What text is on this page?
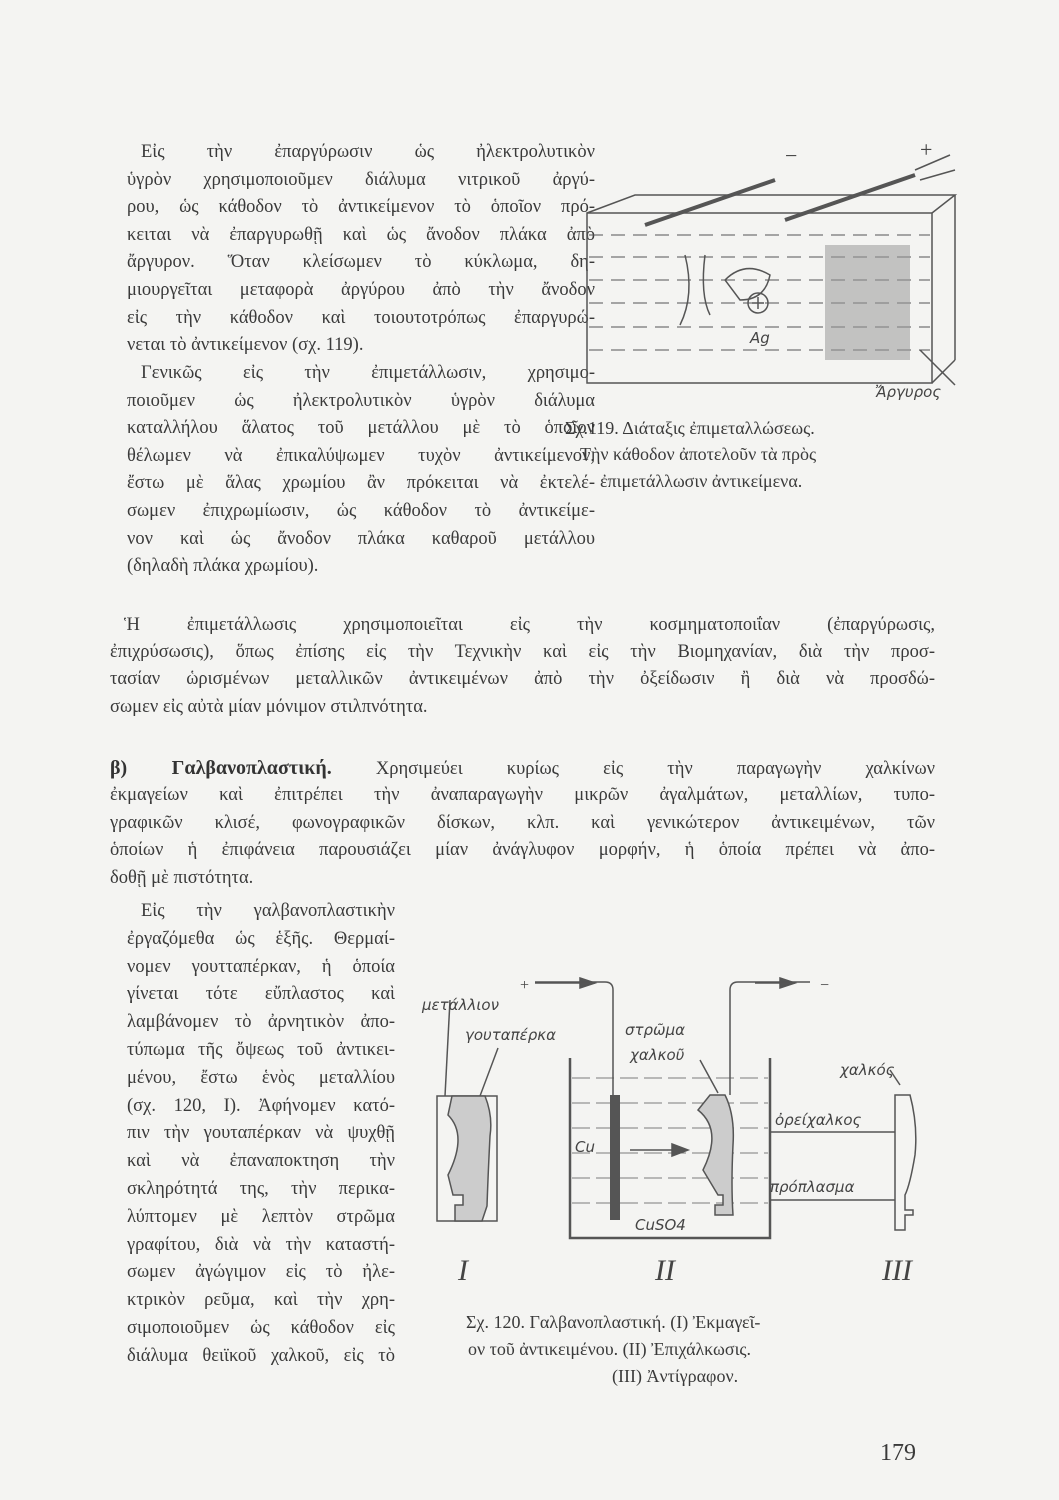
Εἰς τὴν ἐπαργύρωσιν ὡς ἠλεκτρολυτικὸν
ὑγρὸν χρησιμοποιοῦμεν διάλυμα νιτρικοῦ ἀργύ-
ρου, ὡς κάθοδον τὸ ἀντικείμενον τὸ ὁποῖον πρό-
κειται νὰ ἐπαργυρωθῇ καὶ ὡς ἄνοδον πλάκα ἀπὸ
ἄργυρον. Ὅταν κλείσωμεν τὸ κύκλωμα, δη-
μιουργεῖται μεταφορὰ ἀργύρου ἀπὸ τὴν ἄνοδον
εἰς τὴν κάθοδον καὶ τοιουτοτρόπως ἐπαργυρώ-
νεται τὸ ἀντικείμενον (σχ. 119).
Γενικῶς εἰς τὴν ἐπιμετάλλωσιν, χρησιμο-
ποιοῦμεν ὡς ἠλεκτρολυτικὸν ὑγρὸν διάλυμα
καταλλήλου ἅλατος τοῦ μετάλλου μὲ τὸ ὁποῖον
θέλωμεν νὰ ἐπικαλύψωμεν τυχὸν ἀντικείμενον,
ἔστω μὲ ἅλας χρωμίου ἂν πρόκειται νὰ ἐκτελέ-
σωμεν ἐπιχρωμίωσιν, ὡς κάθοδον τὸ ἀντικείμε-
νον καὶ ὡς ἄνοδον πλάκα καθαροῦ μετάλλου
(δηλαδὴ πλάκα χρωμίου).
Ἡ ἐπιμετάλλωσις χρησιμοποιεῖται εἰς τὴν κοσμηματοποιΐαν (ἐπαργύρωσις,
ἐπιχρύσωσις), ὅπως ἐπίσης εἰς τὴν Τεχνικὴν καὶ εἰς τὴν Βιομηχανίαν, διὰ τὴν προσ-
τασίαν ὡρισμένων μεταλλικῶν ἀντικειμένων ἀπὸ τὴν ὀξείδωσιν ἢ διὰ νὰ προσδώ-
σωμεν εἰς αὐτὰ μίαν μόνιμον στιλπνότητα.
β) Γαλβανοπλαστική. Χρησιμεύει κυρίως εἰς τὴν παραγωγὴν χαλκίνων
ἐκμαγείων καὶ ἐπιτρέπει τὴν ἀναπαραγωγὴν μικρῶν ἀγαλμάτων, μεταλλίων, τυπο-
γραφικῶν κλισέ, φωνογραφικῶν δίσκων, κλπ. καὶ γενικώτερον ἀντικειμένων, τῶν
ὁποίων ἡ ἐπιφάνεια παρουσιάζει μίαν ἀνάγλυφον μορφήν, ἡ ὁποία πρέπει νὰ ἀπο-
δοθῇ μὲ πιστότητα.
Εἰς τὴν γαλβανοπλαστικὴν
ἐργαζόμεθα ὡς ἑξῆς. Θερμαί-
νομεν γουτταπέρκαν, ἡ ὁποία
γίνεται τότε εὔπλαστος καὶ
λαμβάνομεν τὸ ἀρνητικὸν ἀπο-
τύπωμα τῆς ὄψεως τοῦ ἀντικει-
μένου, ἔστω ἑνὸς μεταλλίου
(σχ. 120, Ι). Ἀφήνομεν κατό-
πιν τὴν γουταπέρκαν νὰ ψυχθῇ
καὶ νὰ ἐπαναποκτηση τὴν
σκληρότητά της, τὴν περικα-
λύπτομεν μὲ λεπτὸν στρῶμα
γραφίτου, διὰ νὰ τὴν καταστή-
σωμεν ἀγώγιμον εἰς τὸ ἠλε-
κτρικὸν ρεῦμα, καὶ τὴν χρη-
σιμοποιοῦμεν ὡς κάθοδον εἰς
διάλυμα θειϊκοῦ χαλκοῦ, εἰς τὸ
−	+
Ag
Ἄργυρος
Σχ.119. Διάταξις ἐπιμεταλλώσεως.
Τὴν κάθοδον ἀποτελοῦν τὰ πρὸς
ἐπιμετάλλωσιν ἀντικείμενα.
+	−
μετάλλιον
γουταπέρκα	στρῶμα
χαλκοῦ
Cu
CuSO4
χαλκός
ὀρείχαλκος
πρόπλασμα
I	II	III
Σχ. 120. Γαλβανοπλαστική. (Ι) Ἐκμαγεῖ-
ον τοῦ ἀντικειμένου. (ΙΙ) Ἐπιχάλκωσις.
(ΙΙΙ) Ἀντίγραφον.
179
